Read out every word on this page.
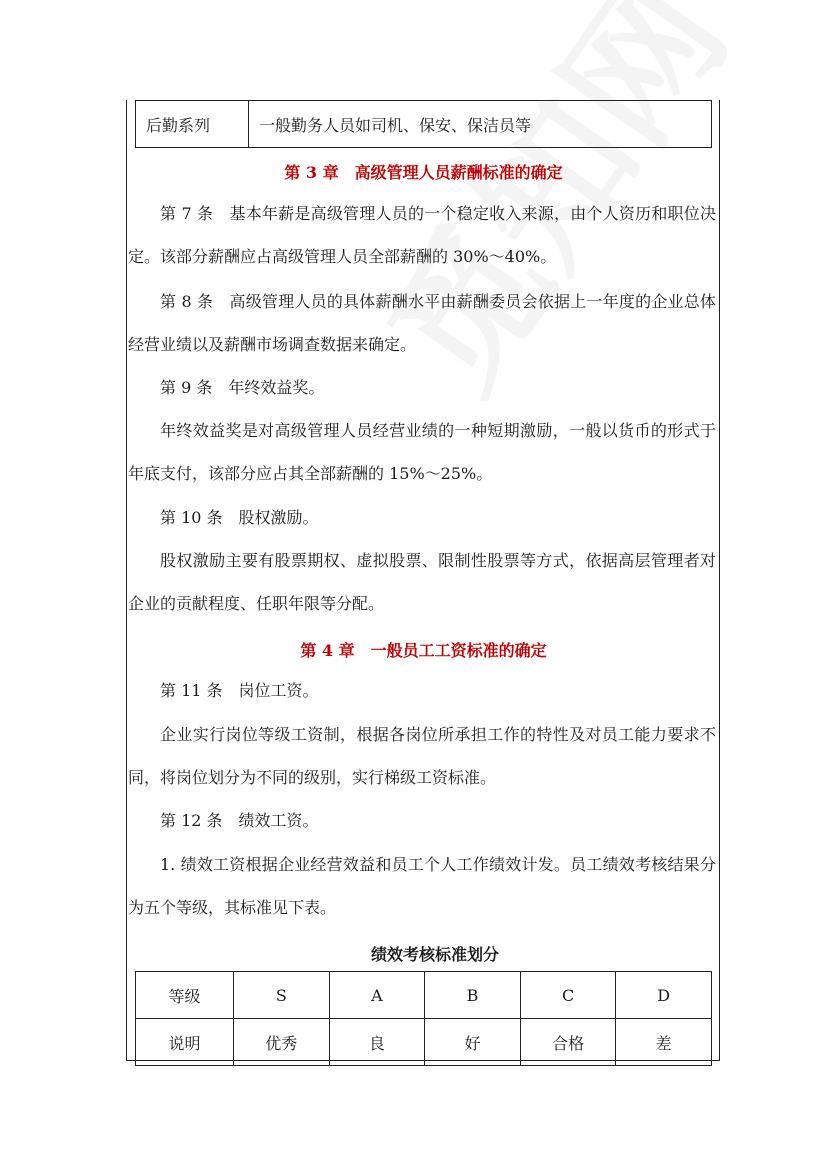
后勤系列	一般勤务人员如司机、保安、保洁员等

第 3 章　高级管理人员薪酬标准的确定

第 7 条　基本年薪是高级管理人员的一个稳定收入来源，由个人资历和职位决定。该部分薪酬应占高级管理人员全部薪酬的 30%～40%。

第 8 条　高级管理人员的具体薪酬水平由薪酬委员会依据上一年度的企业总体经营业绩以及薪酬市场调查数据来确定。

第 9 条　年终效益奖。

年终效益奖是对高级管理人员经营业绩的一种短期激励，一般以货币的形式于年底支付，该部分应占其全部薪酬的 15%～25%。

第 10 条　股权激励。

股权激励主要有股票期权、虚拟股票、限制性股票等方式，依据高层管理者对企业的贡献程度、任职年限等分配。

第 4 章　一般员工工资标准的确定

第 11 条　岗位工资。

企业实行岗位等级工资制，根据各岗位所承担工作的特性及对员工能力要求不同，将岗位划分为不同的级别，实行梯级工资标准。

第 12 条　绩效工资。

1. 绩效工资根据企业经营效益和员工个人工作绩效计发。员工绩效考核结果分为五个等级，其标准见下表。

绩效考核标准划分

等级	S	A	B	C	D
说明	优秀	良	好	合格	差
